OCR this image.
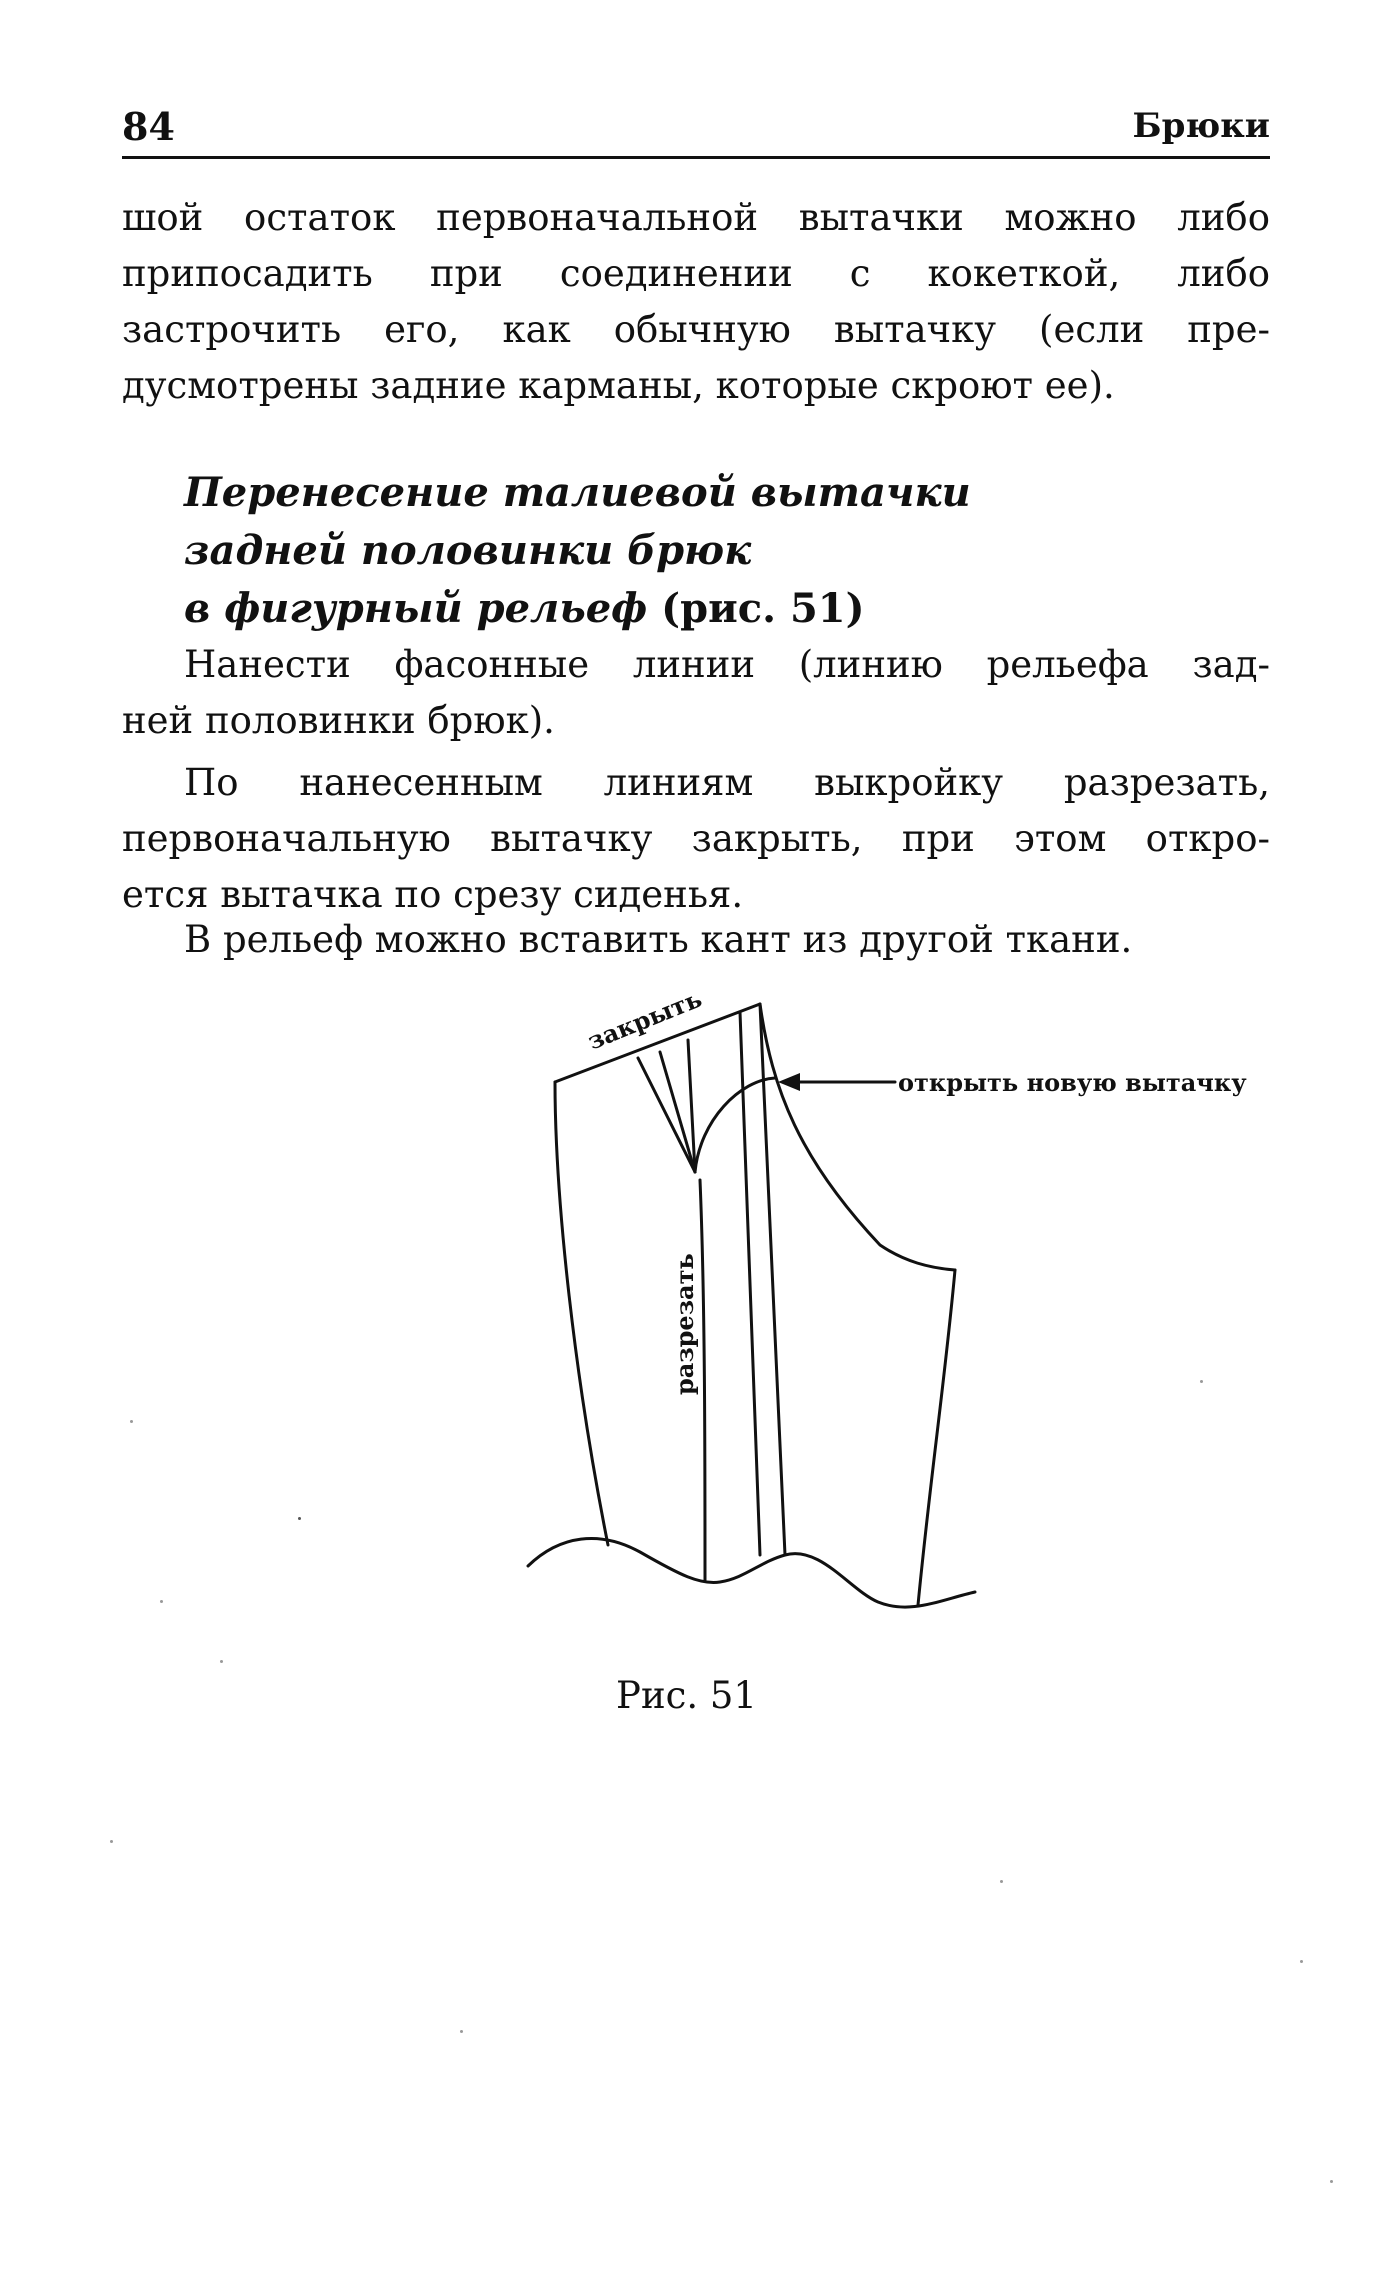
84	Брюки
шой остаток первоначальной вытачки можно либо
припосадить при соединении с кокеткой, либо
застрочить его, как обычную вытачку (если пре-
дусмотрены задние карманы, которые скроют ее).
Перенесение талиевой вытачки
задней половинки брюк
в фигурный рельеф (рис. 51)
Нанести фасонные линии (линию рельефа зад-
ней половинки брюк).
По нанесенным линиям выкройку разрезать,
первоначальную вытачку закрыть, при этом откро-
ется вытачка по срезу сиденья.
В рельеф можно вставить кант из другой ткани.
закрыть
открыть новую вытачку
разрезать
Рис. 51
